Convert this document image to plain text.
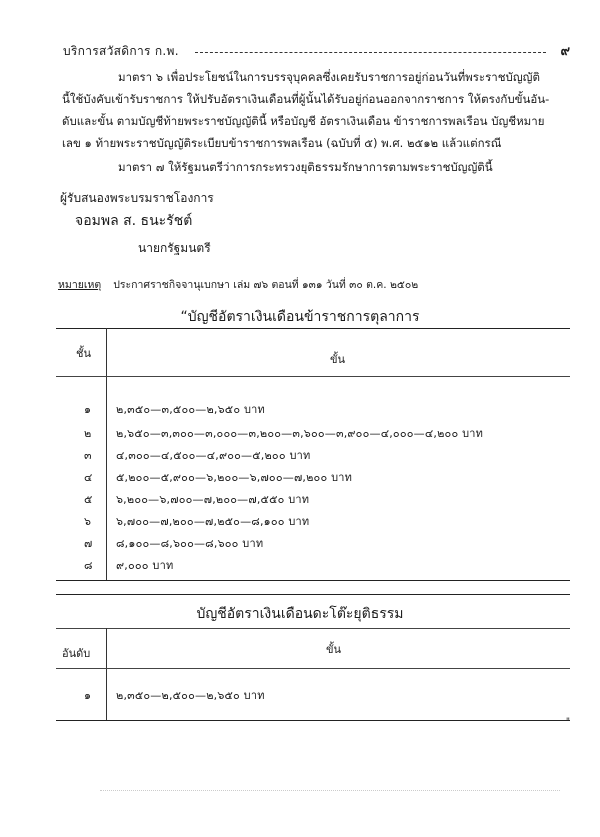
บริการสวัสดิการ ก.พ.	๙
มาตรา ๖ เพื่อประโยชน์ในการบรรจุบุคคลซึ่งเคยรับราชการอยู่ก่อนวันที่พระราชบัญญัติ
นี้ใช้บังคับเข้ารับราชการ ให้ปรับอัตราเงินเดือนที่ผู้นั้นได้รับอยู่ก่อนออกจากราชการ ให้ตรงกับขั้นอัน-
ดับและขั้น ตามบัญชีท้ายพระราชบัญญัตินี้ หรือบัญชี อัตราเงินเดือน ข้าราชการพลเรือน บัญชีหมาย
เลข ๑ ท้ายพระราชบัญญัติระเบียบข้าราชการพลเรือน (ฉบับที่ ๕) พ.ศ. ๒๕๑๒ แล้วแต่กรณี
มาตรา ๗ ให้รัฐมนตรีว่าการกระทรวงยุติธรรมรักษาการตามพระราชบัญญัตินี้
ผู้รับสนองพระบรมราชโองการ
จอมพล ส. ธนะรัชต์
นายกรัฐมนตรี
หมายเหตุ ประกาศราชกิจจานุเบกษา เล่ม ๗๖ ตอนที่ ๑๓๑ วันที่ ๓๐ ต.ค. ๒๕๐๒
“บัญชีอัตราเงินเดือนข้าราชการตุลาการ
ชั้น	ขั้น
๑ ๒,๓๕๐—๓,๕๐๐—๒,๖๕๐ บาท
๒ ๒,๖๕๐—๓,๓๐๐—๓,๐๐๐—๓,๒๐๐—๓,๖๐๐—๓,๙๐๐—๔,๐๐๐—๔,๒๐๐ บาท
๓ ๔,๓๐๐—๔,๕๐๐—๔,๙๐๐—๕,๒๐๐ บาท
๔ ๕,๒๐๐—๕,๙๐๐—๖,๒๐๐—๖,๗๐๐—๗,๒๐๐ บาท
๕ ๖,๒๐๐—๖,๗๐๐—๗,๒๐๐—๗,๕๕๐ บาท
๖ ๖,๗๐๐—๗,๒๐๐—๗,๒๕๐—๘,๑๐๐ บาท
๗ ๘,๑๐๐—๘,๖๐๐—๘,๖๐๐ บาท
๘ ๙,๐๐๐ บาท
บัญชีอัตราเงินเดือนดะโต๊ะยุติธรรม
อันดับ	ขั้น
๑ ๒,๓๕๐—๒,๕๐๐—๒,๖๕๐ บาท
"
